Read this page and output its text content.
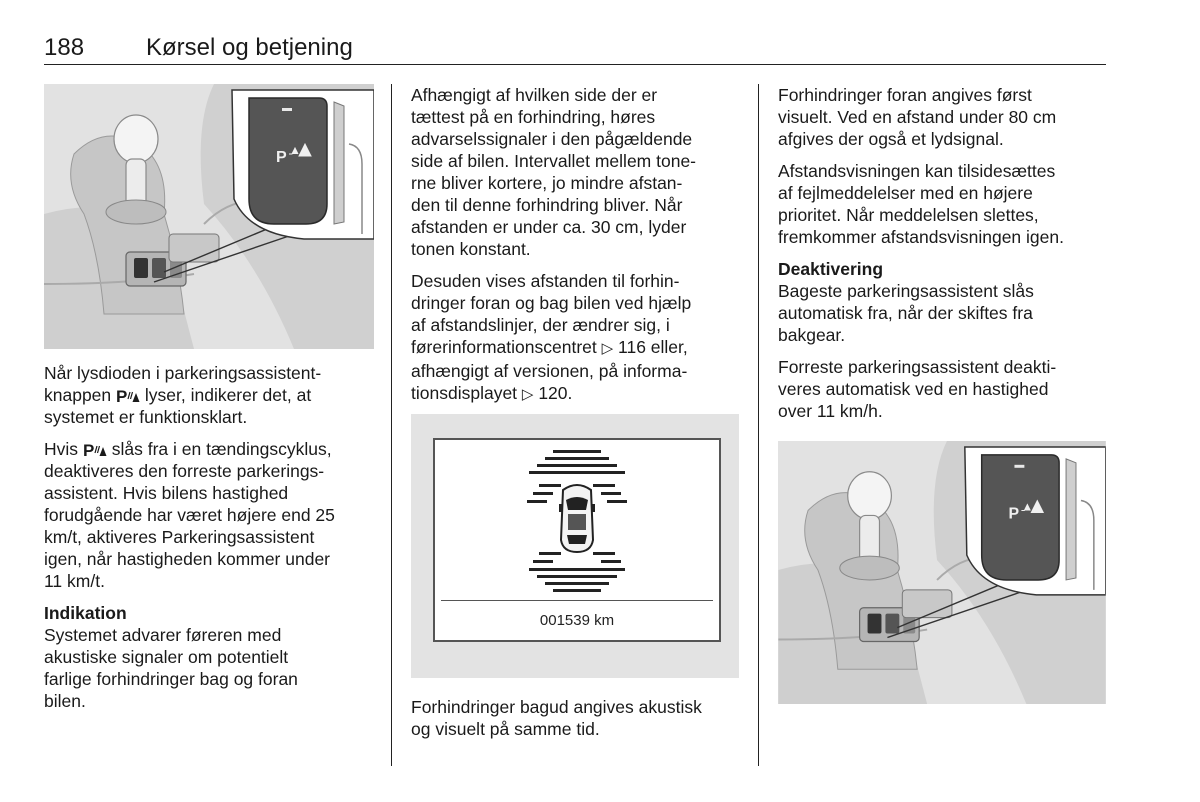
188	Kørsel og betjening

Når lysdioden i parkeringsassistent-
knappen  lyser, indikerer det, at
systemet er funktionsklart.

Hvis  slås fra i en tændingscyklus,
deaktiveres den forreste parkerings-
assistent. Hvis bilens hastighed
forudgående har været højere end 25
km/t, aktiveres Parkeringsassistent
igen, når hastigheden kommer under
11 km/t.

Indikation

Systemet advarer føreren med
akustiske signaler om potentielt
farlige forhindringer bag og foran
bilen.

Afhængigt af hvilken side der er
tættest på en forhindring, høres
advarselssignaler i den pågældende
side af bilen. Intervallet mellem tone-
rne bliver kortere, jo mindre afstan-
den til denne forhindring bliver. Når
afstanden er under ca. 30 cm, lyder
tonen konstant.

Desuden vises afstanden til forhin-
dringer foran og bag bilen ved hjælp
af afstandslinjer, der ændrer sig, i
førerinformationscentret ▷ 116 eller,
afhængigt af versionen, på informa-
tionsdisplayet ▷ 120.

001539 km

Forhindringer bagud angives akustisk
og visuelt på samme tid.

Forhindringer foran angives først
visuelt. Ved en afstand under 80 cm
afgives der også et lydsignal.

Afstandsvisningen kan tilsidesættes
af fejlmeddelelser med en højere
prioritet. Når meddelelsen slettes,
fremkommer afstandsvisningen igen.

Deaktivering

Bageste parkeringsassistent slås
automatisk fra, når der skiftes fra
bakgear.

Forreste parkeringsassistent deakti-
veres automatisk ved en hastighed
over 11 km/h.
